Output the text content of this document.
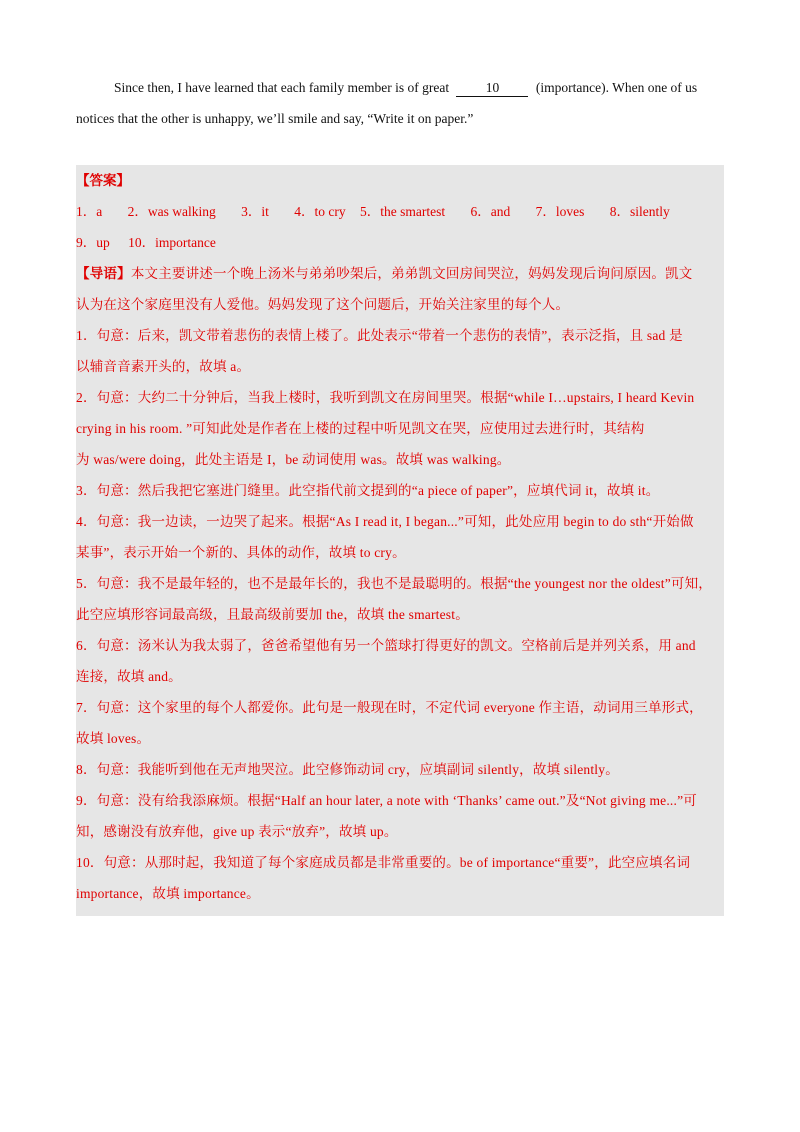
Since then, I have learned that each family member is of great	10	(importance). When one of us
notices that the other is unhappy, we’ll smile and say, “Write it on paper.”
【答案】
1．a 2．was walking 3．it 4．to cry 5．the smartest 6．and 7．loves 8．silently
9．up 10．importance
【导语】本文主要讲述一个晚上汤米与弟弟吵架后，弟弟凯文回房间哭泣，妈妈发现后询问原因。凯文
认为在这个家庭里没有人爱他。妈妈发现了这个问题后，开始关注家里的每个人。
1．句意：后来，凯文带着悲伤的表情上楼了。此处表示“带着一个悲伤的表情”，表示泛指，且 sad 是
以辅音音素开头的，故填 a。
2．句意：大约二十分钟后，当我上楼时，我听到凯文在房间里哭。根据“while I…upstairs, I heard Kevin
crying in his room. ”可知此处是作者在上楼的过程中听见凯文在哭，应使用过去进行时，其结构
为 was/were doing，此处主语是 I，be 动词使用 was。故填 was walking。
3．句意：然后我把它塞进门缝里。此空指代前文提到的“a piece of paper”，应填代词 it，故填 it。
4．句意：我一边读，一边哭了起来。根据“As I read it, I began...”可知，此处应用 begin to do sth“开始做
某事”，表示开始一个新的、具体的动作，故填 to cry。
5．句意：我不是最年轻的，也不是最年长的，我也不是最聪明的。根据“the youngest nor the oldest”可知，
此空应填形容词最高级，且最高级前要加 the，故填 the smartest。
6．句意：汤米认为我太弱了，爸爸希望他有另一个篮球打得更好的凯文。空格前后是并列关系，用 and
连接，故填 and。
7．句意：这个家里的每个人都爱你。此句是一般现在时，不定代词 everyone 作主语，动词用三单形式，
故填 loves。
8．句意：我能听到他在无声地哭泣。此空修饰动词 cry，应填副词 silently，故填 silently。
9．句意：没有给我添麻烦。根据“Half an hour later, a note with ‘Thanks’ came out.”及“Not giving me...”可
知，感谢没有放弃他，give up 表示“放弃”，故填 up。
10．句意：从那时起，我知道了每个家庭成员都是非常重要的。be of importance“重要”，此空应填名词
importance，故填 importance。
